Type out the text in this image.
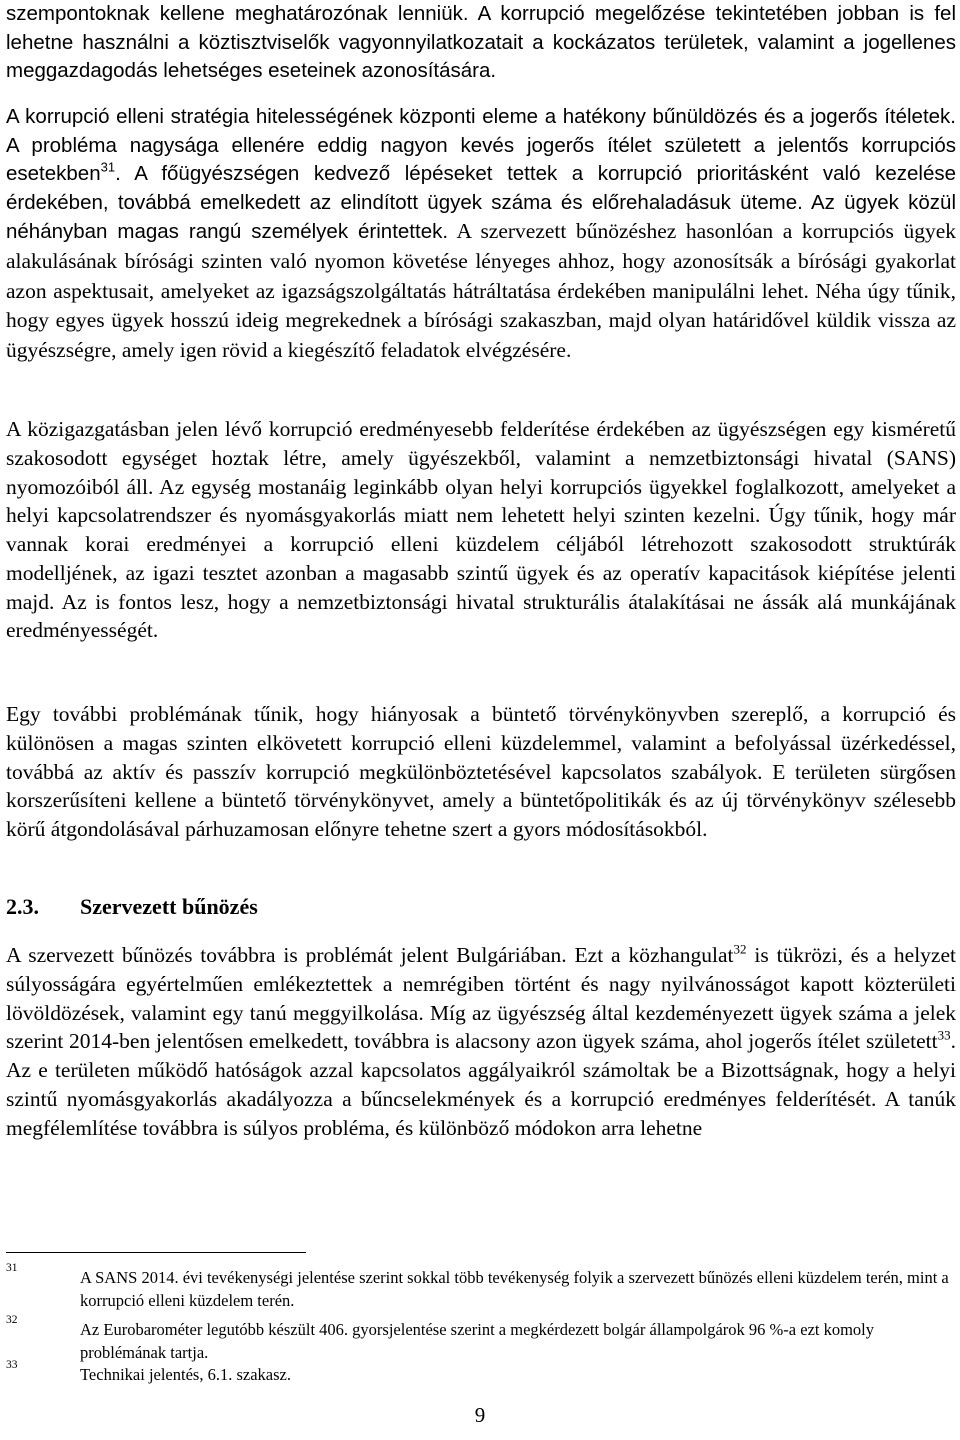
szempontoknak kellene meghatározónak lenniük. A korrupció megelőzése tekintetében jobban is fel lehetne használni a köztisztviselők vagyonnyilatkozatait a kockázatos területek, valamint a jogellenes meggazdagodás lehetséges eseteinek azonosítására.

A korrupció elleni stratégia hitelességének központi eleme a hatékony bűnüldözés és a jogerős ítéletek. A probléma nagysága ellenére eddig nagyon kevés jogerős ítélet született a jelentős korrupciós esetekben$^{31}$. A főügyészségen kedvező lépéseket tettek a korrupció prioritásként való kezelése érdekében, továbbá emelkedett az elindított ügyek száma és előrehaladásuk üteme. Az ügyek közül néhányban magas rangú személyek érintettek. A szervezett bűnözéshez hasonlóan a korrupciós ügyek alakulásának bírósági szinten való nyomon követése lényeges ahhoz, hogy azonosítsák a bírósági gyakorlat azon aspektusait, amelyeket az igazságszolgáltatás hátráltatása érdekében manipulálni lehet. Néha úgy tűnik, hogy egyes ügyek hosszú ideig megrekednek a bírósági szakaszban, majd olyan határidővel küldik vissza az ügyészségre, amely igen rövid a kiegészítő feladatok elvégzésére.

A közigazgatásban jelen lévő korrupció eredményesebb felderítése érdekében az ügyészségen egy kisméretű szakosodott egységet hoztak létre, amely ügyészekből, valamint a nemzetbiztonsági hivatal (SANS) nyomozóiból áll. Az egység mostanáig leginkább olyan helyi korrupciós ügyekkel foglalkozott, amelyeket a helyi kapcsolatrendszer és nyomásgyakorlás miatt nem lehetett helyi szinten kezelni. Úgy tűnik, hogy már vannak korai eredményei a korrupció elleni küzdelem céljából létrehozott szakosodott struktúrák modelljének, az igazi tesztet azonban a magasabb szintű ügyek és az operatív kapacitások kiépítése jelenti majd. Az is fontos lesz, hogy a nemzetbiztonsági hivatal strukturális átalakításai ne ássák alá munkájának eredményességét.

Egy további problémának tűnik, hogy hiányosak a büntető törvénykönyvben szereplő, a korrupció és különösen a magas szinten elkövetett korrupció elleni küzdelemmel, valamint a befolyással üzérkedéssel, továbbá az aktív és passzív korrupció megkülönböztetésével kapcsolatos szabályok. E területen sürgősen korszerűsíteni kellene a büntető törvénykönyvet, amely a büntetőpolitikák és az új törvénykönyv szélesebb körű átgondolásával párhuzamosan előnyre tehetne szert a gyors módosításokból.

2.3. Szervezett bűnözés

A szervezett bűnözés továbbra is problémát jelent Bulgáriában. Ezt a közhangulat$^{32}$ is tükrözi, és a helyzet súlyosságára egyértelműen emlékeztettek a nemrégiben történt és nagy nyilvánosságot kapott közterületi lövöldözések, valamint egy tanú meggyilkolása. Míg az ügyészség által kezdeményezett ügyek száma a jelek szerint 2014-ben jelentősen emelkedett, továbbra is alacsony azon ügyek száma, ahol jogerős ítélet született$^{33}$. Az e területen működő hatóságok azzal kapcsolatos aggályaikról számoltak be a Bizottságnak, hogy a helyi szintű nyomásgyakorlás akadályozza a bűncselekmények és a korrupció eredményes felderítését. A tanúk megfélemlítése továbbra is súlyos probléma, és különböző módokon arra lehetne

31	A SANS 2014. évi tevékenységi jelentése szerint sokkal több tevékenység folyik a szervezett bűnözés elleni küzdelem terén, mint a korrupció elleni küzdelem terén.
32	Az Eurobarométer legutóbb készült 406. gyorsjelentése szerint a megkérdezett bolgár állampolgárok 96 %-a ezt komoly problémának tartja.
33	Technikai jelentés, 6.1. szakasz.
9
